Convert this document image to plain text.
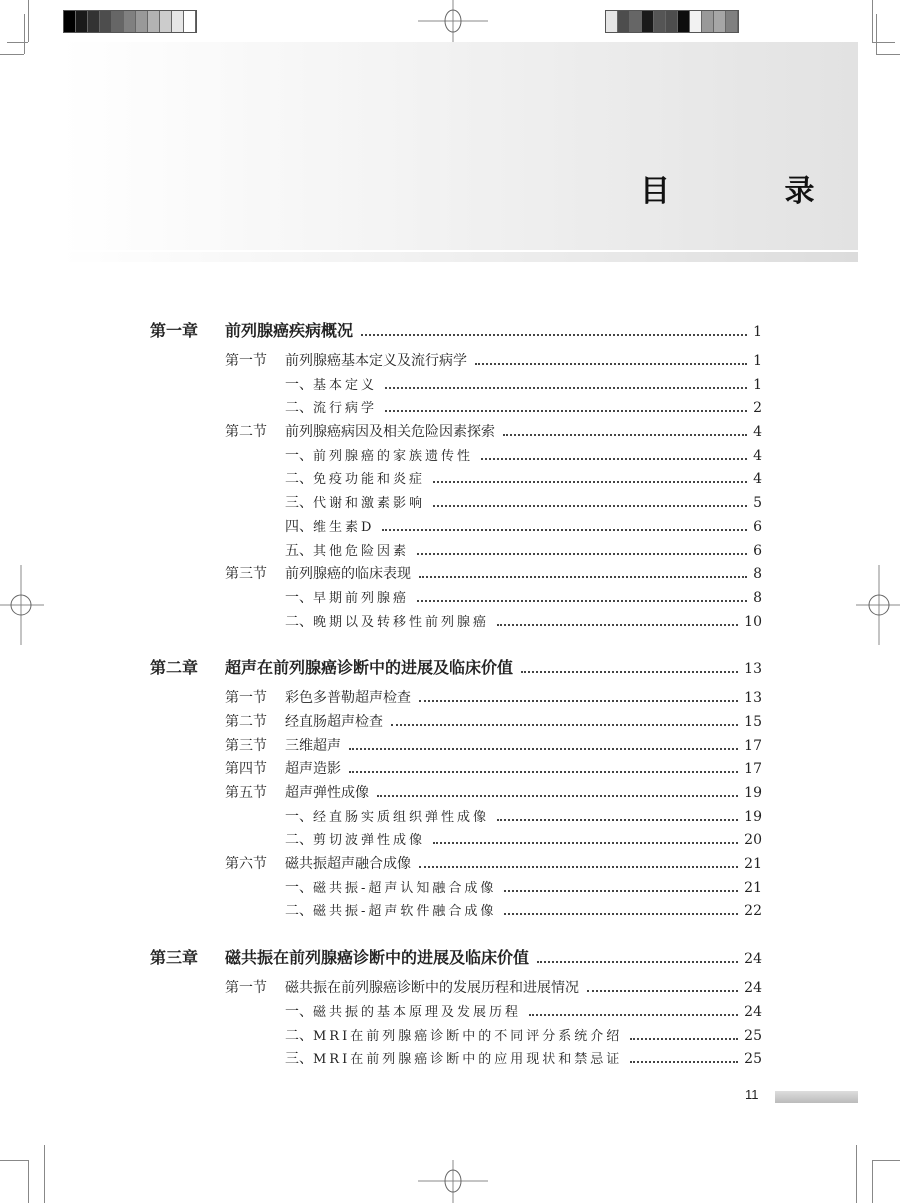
目 录
第一章	前列腺癌疾病概况	1
第一节	前列腺癌基本定义及流行病学	1
一、 基本定义	1
二、 流行病学	2
第二节	前列腺癌病因及相关危险因素探索	4
一、 前列腺癌的家族遗传性	4
二、 免疫功能和炎症	4
三、 代谢和激素影响	5
四、 维生素D	6
五、 其他危险因素	6
第三节	前列腺癌的临床表现	8
一、 早期前列腺癌	8
二、 晚期以及转移性前列腺癌	10
第二章	超声在前列腺癌诊断中的进展及临床价值	13
第一节	彩色多普勒超声检查	13
第二节	经直肠超声检查	15
第三节	三维超声	17
第四节	超声造影	17
第五节	超声弹性成像	19
一、 经直肠实质组织弹性成像	19
二、 剪切波弹性成像	20
第六节	磁共振超声融合成像	21
一、 磁共振-超声认知融合成像	21
二、 磁共振-超声软件融合成像	22
第三章	磁共振在前列腺癌诊断中的进展及临床价值	24
第一节	磁共振在前列腺癌诊断中的发展历程和进展情况	24
一、 磁共振的基本原理及发展历程	24
二、 MRI在前列腺癌诊断中的不同评分系统介绍	25
三、 MRI在前列腺癌诊断中的应用现状和禁忌证	25
11
